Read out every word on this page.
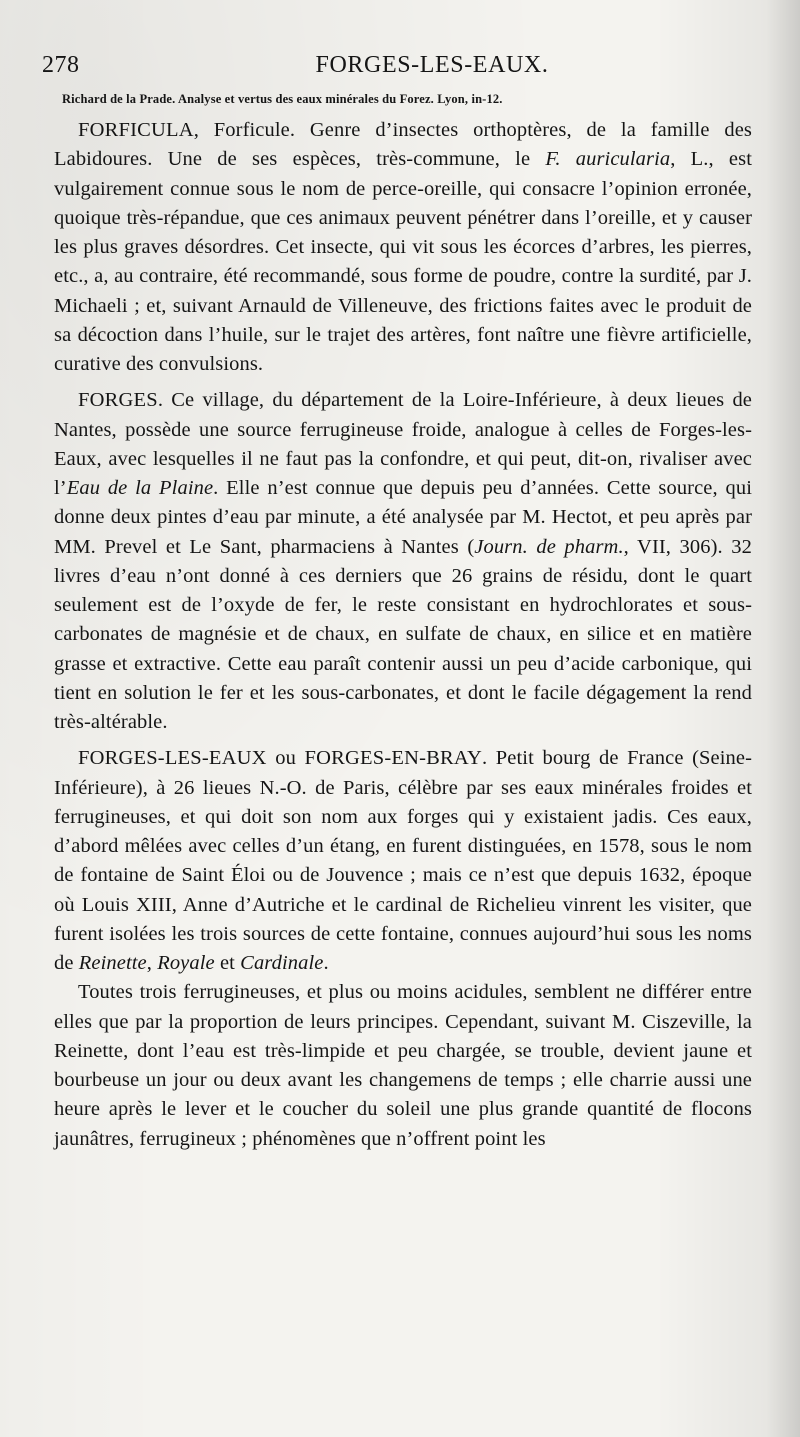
278	FORGES-LES-EAUX.
Richard de la Prade. Analyse et vertus des eaux minérales du Forez. Lyon, in-12.

FORFICULA, Forficule. Genre d’insectes orthoptères, de la famille des Labidoures. Une de ses espèces, très-commune, le F. auricularia, L., est vulgairement connue sous le nom de perce-oreille, qui consacre l’opinion erronée, quoique très-répandue, que ces animaux peuvent pénétrer dans l’oreille, et y causer les plus graves désordres. Cet insecte, qui vit sous les écorces d’arbres, les pierres, etc., a, au contraire, été recommandé, sous forme de poudre, contre la surdité, par J. Michaeli ; et, suivant Arnauld de Villeneuve, des frictions faites avec le produit de sa décoction dans l’huile, sur le trajet des artères, font naître une fièvre artificielle, curative des convulsions.

FORGES. Ce village, du département de la Loire-Inférieure, à deux lieues de Nantes, possède une source ferrugineuse froide, analogue à celles de Forges-les-Eaux, avec lesquelles il ne faut pas la confondre, et qui peut, dit-on, rivaliser avec l’Eau de la Plaine. Elle n’est connue que depuis peu d’années. Cette source, qui donne deux pintes d’eau par minute, a été analysée par M. Hectot, et peu après par MM. Prevel et Le Sant, pharmaciens à Nantes (Journ. de pharm., VII, 306). 32 livres d’eau n’ont donné à ces derniers que 26 grains de résidu, dont le quart seulement est de l’oxyde de fer, le reste consistant en hydrochlorates et sous-carbonates de magnésie et de chaux, en sulfate de chaux, en silice et en matière grasse et extractive. Cette eau paraît contenir aussi un peu d’acide carbonique, qui tient en solution le fer et les sous-carbonates, et dont le facile dégagement la rend très-altérable.

FORGES-LES-EAUX ou FORGES-EN-BRAY. Petit bourg de France (Seine-Inférieure), à 26 lieues N.-O. de Paris, célèbre par ses eaux minérales froides et ferrugineuses, et qui doit son nom aux forges qui y existaient jadis. Ces eaux, d’abord mêlées avec celles d’un étang, en furent distinguées, en 1578, sous le nom de fontaine de Saint Éloi ou de Jouvence ; mais ce n’est que depuis 1632, époque où Louis XIII, Anne d’Autriche et le cardinal de Richelieu vinrent les visiter, que furent isolées les trois sources de cette fontaine, connues aujourd’hui sous les noms de Reinette, Royale et Cardinale.

Toutes trois ferrugineuses, et plus ou moins acidules, semblent ne différer entre elles que par la proportion de leurs principes. Cependant, suivant M. Ciszeville, la Reinette, dont l’eau est très-limpide et peu chargée, se trouble, devient jaune et bourbeuse un jour ou deux avant les changemens de temps ; elle charrie aussi une heure après le lever et le coucher du soleil une plus grande quantité de flocons jaunâtres, ferrugineux ; phénomènes que n’offrent point les
